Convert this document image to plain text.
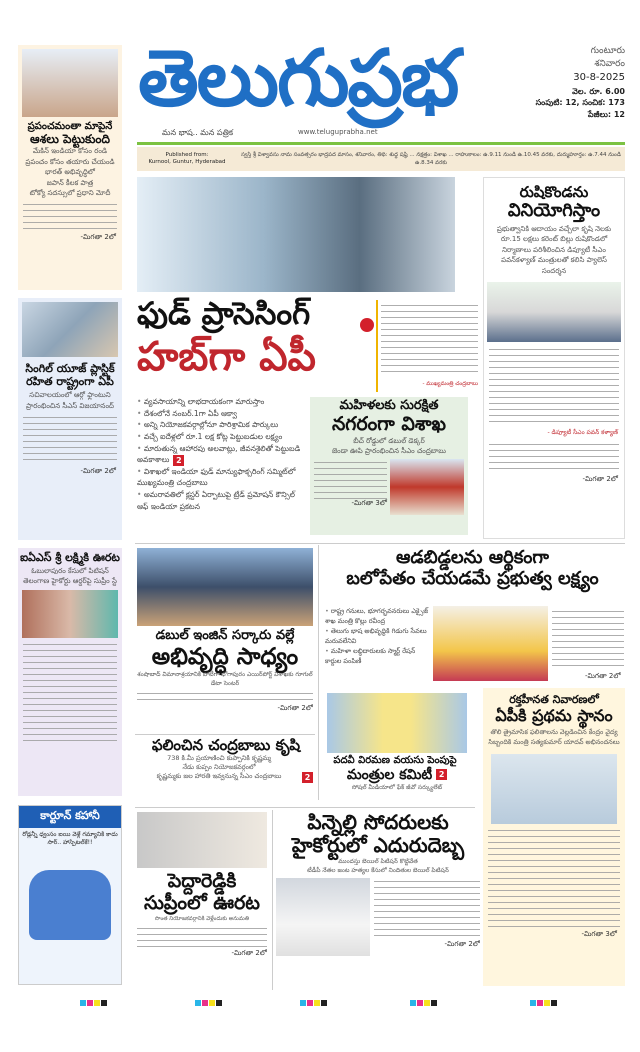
తెలుగుప్రభ
మన భాష.. మన పత్రిక	www.teluguprabha.net
గుంటూరు
శనివారం
30-8-2025
వెల. రూ. 6.00
సంపుటి: 12, సంచిక: 173
పేజీలు: 12
Published from:
Kurnool, Guntur, Hyderabad
స్వస్తి శ్రీ విశ్వావసు నామ సంవత్సరం భాద్రపద మాసం, శనివారం, తిథి: శుద్ధ షష్ఠి ... నక్షత్రం: విశాఖ ... రాహుకాలం: ఉ.9.11 నుండి ఉ.10.45 వరకు, దుర్ముహూర్తం: ఉ.7.44 నుండి ఉ.8.34 వరకు
ప్రపంచమంతా మాపైనే
ఆశలు పెట్టుకుంది
మేకిన్ ఇండియా కోసం రండి
ప్రపంచం కోసం తయారు చేయండి
భారత్ అభివృద్ధిలో
జపాన్ కీలక పాత్ర
టోక్యో సదస్సులో ప్రధాని మోదీ
-మిగతా 2లో
సింగిల్ యూజ్ ప్లాస్టిక్ రహిత రాష్ట్రంగా ఏపీ
సచివాలయంలో ఆర్గో ఫ్లాంటుని ప్రారంభించిన సీఎస్ విజయానంద్
-మిగతా 2లో
ఐఏఎస్ శ్రీ లక్ష్మికి ఊరట
ఓబులాపురం కేసులో పిటిషన్ తెలంగాణ హైకోర్టు ఆర్డర్‌పై సుప్రీం స్టే
కార్టూన్ కహానీ
రోడ్లన్నీ ధ్వంసం ఐయి వెళ్లే గమ్యానికి కాదు సార్.. హాస్పిటల్‌కే!!
ఫుడ్ ప్రాసెసింగ్
హబ్‌గా ఏపీ
- ముఖ్యమంత్రి చంద్రబాబు
• వ్యవసాయాన్ని లాభదాయకంగా మారుస్తాం
• దేశంలోనే నంబర్.1గా ఏపీ ఆక్వా
• అన్ని నియోజకవర్గాల్లోనూ పారిశ్రామిక పార్కులు
• వచ్చే ఐదేళ్లలో రూ.1 లక్ష కోట్ల పెట్టుబడుల లక్ష్యం
• మారుతున్న ఆహారపు అలవాట్లు, జీవనశైలితో పెట్టుబడి అవకాశాలు 2
• విశాఖలో ఇండియా ఫుడ్ మాన్యుఫాక్చరింగ్ సమ్మిట్‌లో ముఖ్యమంత్రి చంద్రబాబు
• అమరావతిలో క్లస్టర్ ఏర్పాటుపై ట్రేడ్ ప్రమోషన్ కౌన్సిల్ ఆఫ్ ఇండియా ప్రకటన
మహిళలకు సురక్షిత
నగరంగా విశాఖ
బీచ్ రోడ్డులో డబుల్ డెక్కర్
జెండా ఊపి ప్రారంభించిన సీఎం చంద్రబాబు
-మిగతా 3లో
రుషికొండను
వినియోగిస్తాం
ప్రభుత్వానికి ఆదాయం వచ్చేలా కృషి నెలకు రూ.15 లక్షలు కరెంట్ బిల్లు రుషికొండలో నిర్మాణాలు పరిశీలించిన డిప్యూటీ సీఎం పవన్‌కళ్యాణ్ మంత్రులతో కలిసి ప్యాలెస్ సందర్శన
- డిప్యూటీ సీఎం పవన్ కళ్యాణ్
-మిగతా 2లో
డబుల్ ఇంజిన్ సర్కారు వల్లే
అభివృద్ధి సాధ్యం
శంషాబాద్ విమానాశ్రయానికి పోటీగా భోగాపురం ఎయిర్‌పోర్ట్ విశాఖకు గూగుల్ డేటా సెంటర్
-మిగతా 2లో
ఆడబిడ్డలను ఆర్థికంగా
బలోపేతం చేయడమే ప్రభుత్వ లక్ష్యం
• రాష్ట్ర గనులు, భూగర్భవనరులు ఎక్సైజ్ శాఖ మంత్రి కొల్లు రవీంద్ర
• తెలుగు భాష అభివృద్ధికి గిడుగు సేవలు మరువలేనివి
• మహిళా లబ్ధిదారులకు స్మార్ట్ రేషన్ కార్డుల పంపిణీ
-మిగతా 2లో
ఫలించిన చంద్రబాబు కృషి
738 కి.మీ ప్రయాణించి కుప్పానికి కృష్ణమ్మ
నేడు కుప్పం నియోజకవర్గంలో
కృష్ణమ్మకు జల హారతి ఇవ్వనున్న సీఎం చంద్రబాబు	2
పదవీ విరమణ వయసు పెంపుపై
మంత్రుల కమిటీ 2
సోషల్ మీడియాలో ఫేక్ జీవో సర్క్యులేట్
రక్తహీనత నివారణలో
ఏపీకి ప్రథమ స్థానం
తొలి త్రైమాసిక ఫలితాలను వెల్లడించిన కేంద్రం వైద్య సిబ్బందికి మంత్రి సత్యకుమార్ యాదవ్ అభినందనలు
-మిగతా 3లో
పెద్దారెడ్డికి
సుప్రీంలో ఊరట
సొంత నియోజకవర్గానికి వెళ్లేందుకు అనుమతి
-మిగతా 2లో
పిన్నెల్లి సోదరులకు
హైకోర్టులో ఎదురుదెబ్బ
ముందస్తు బెయిల్ పిటిషన్ కొట్టివేత
టీడీపీ నేతల జంట హత్యల కేసులో నిందితుల బెయిల్ పిటిషన్
-మిగతా 2లో
